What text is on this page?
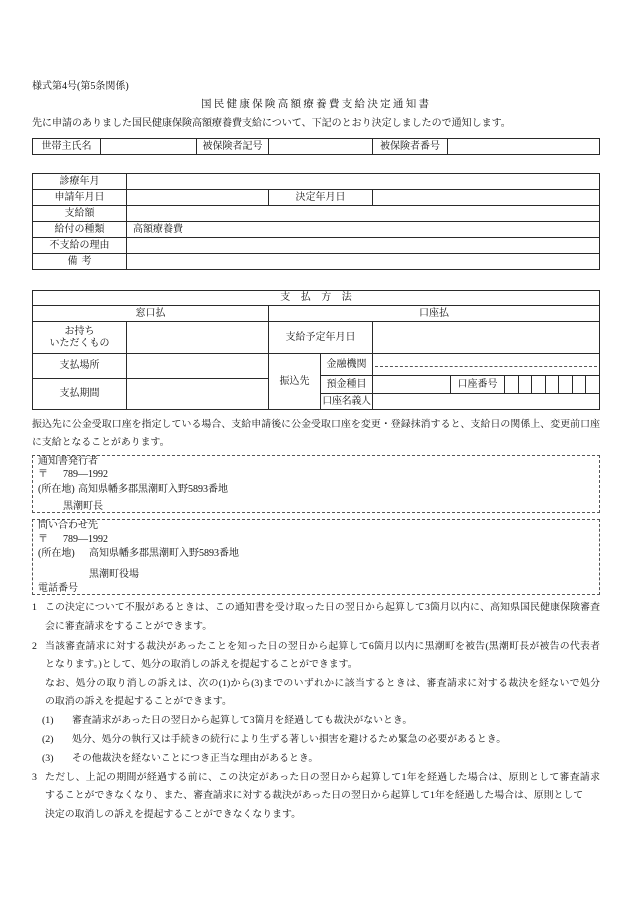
様式第4号(第5条関係)
国民健康保険高額療養費支給決定通知書
先に申請のありました国民健康保険高額療養費支給について、下記のとおり決定しましたので通知します。
世帯主氏名	被保険者記号	被保険者番号
診療年月
申請年月日	決定年月日
支給額
給付の種類	高額療養費
不支給の理由
備考
支 払 方 法
窓口払	口座払
お持ち
いただくもの
支給予定年月日
支払場所
支払期間
振込先
金融機関
預金種目	口座番号
口座名義人
振込先に公金受取口座を指定している場合、支給申請後に公金受取口座を変更・登録抹消すると、支給日の関係上、変更前口座
に支給となることがあります。
通知書発行者
〒 789—1992
(所在地) 高知県幡多郡黒潮町入野5893番地
黒潮町長
問い合わせ先
〒 789—1992
(所在地) 高知県幡多郡黒潮町入野5893番地
黒潮町役場
電話番号
1 この決定について不服があるときは、この通知書を受け取った日の翌日から起算して3箇月以内に、高知県国民健康保険審査
会に審査請求をすることができます。
2 当該審査請求に対する裁決があったことを知った日の翌日から起算して6箇月以内に黒潮町を被告(黒潮町長が被告の代表者
となります。)として、処分の取消しの訴えを提起することができます。
なお、処分の取り消しの訴えは、次の(1)から(3)までのいずれかに該当するときは、審査請求に対する裁決を経ないで処分
の取消の訴えを提起することができます。
(1) 審査請求があった日の翌日から起算して3箇月を経過しても裁決がないとき。
(2) 処分、処分の執行又は手続きの続行により生ずる著しい損害を避けるため緊急の必要があるとき。
(3) その他裁決を経ないことにつき正当な理由があるとき。
3 ただし、上記の期間が経過する前に、この決定があった日の翌日から起算して1年を経過した場合は、原則として審査請求
することができなくなり、また、審査請求に対する裁決があった日の翌日から起算して1年を経過した場合は、原則として
決定の取消しの訴えを提起することができなくなります。
